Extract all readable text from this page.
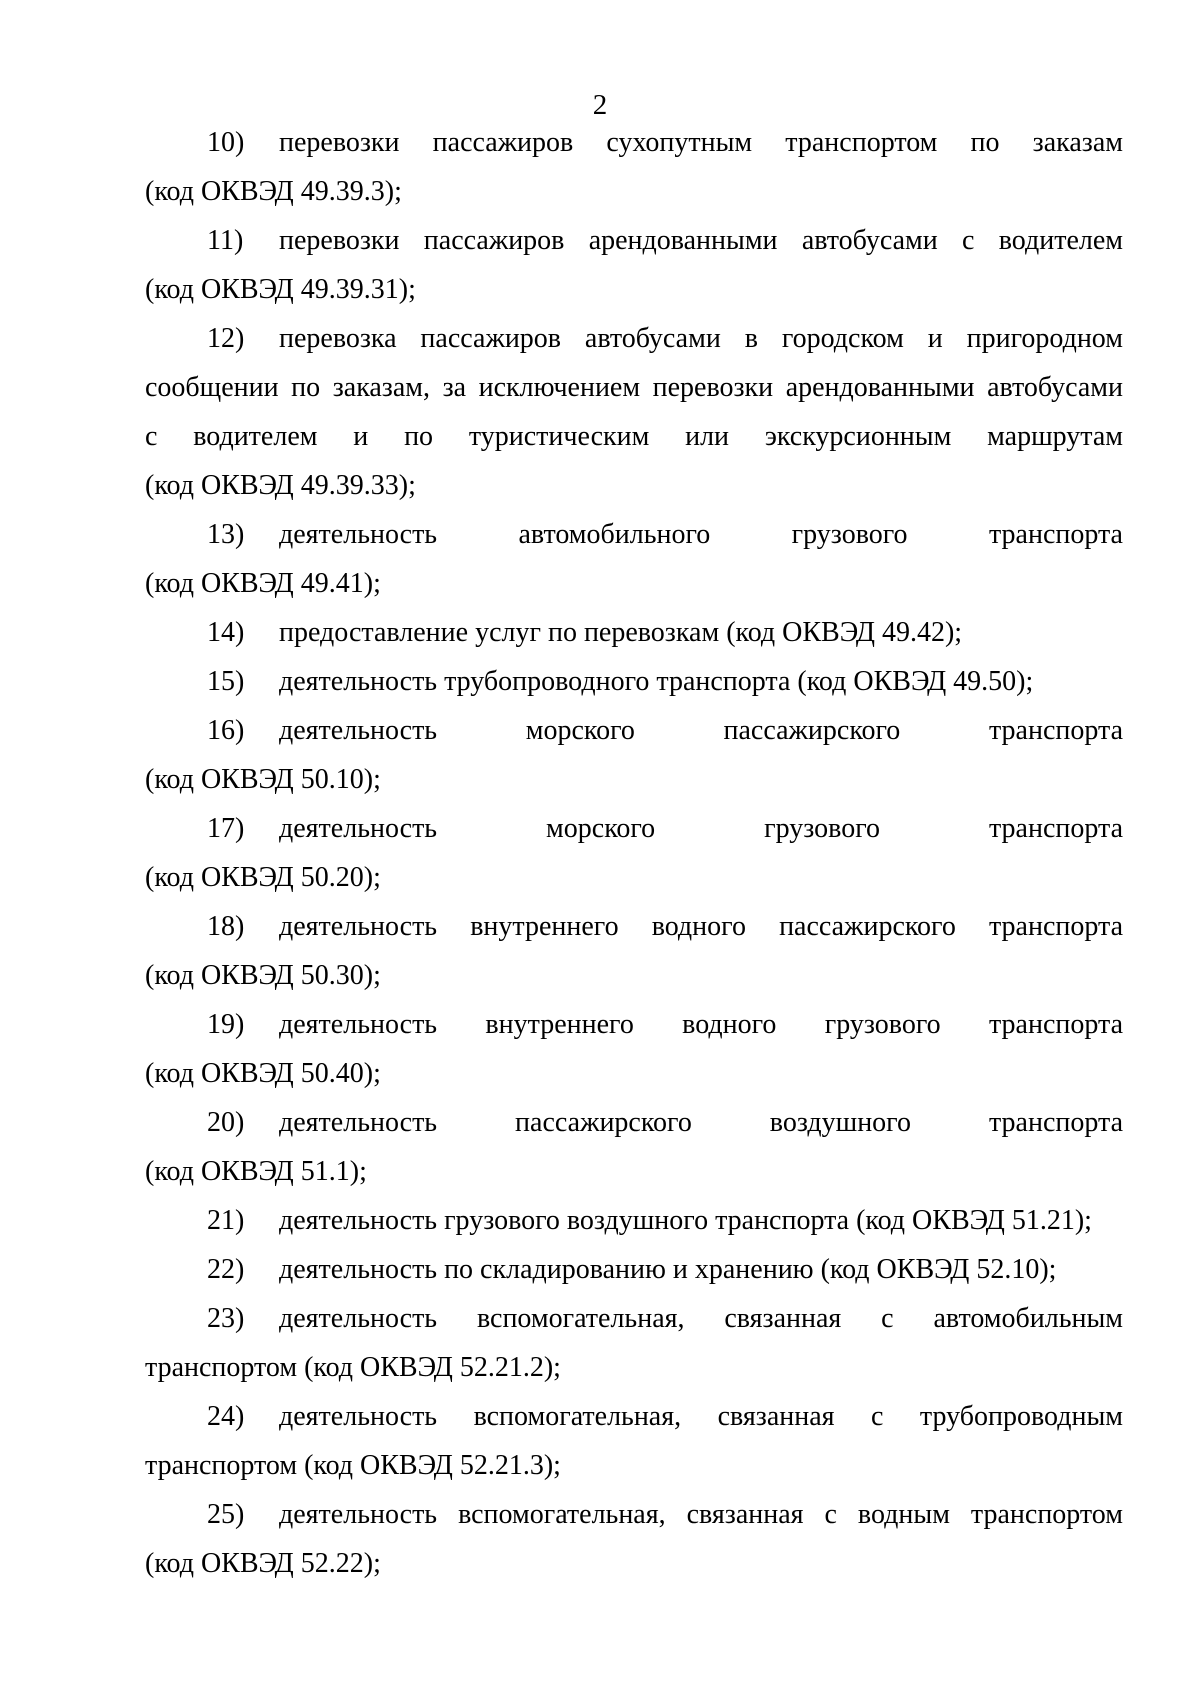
2
10) перевозки пассажиров сухопутным транспортом по заказам
(код ОКВЭД 49.39.3);
11) перевозки пассажиров арендованными автобусами с водителем
(код ОКВЭД 49.39.31);
12) перевозка пассажиров автобусами в городском и пригородном
сообщении по заказам, за исключением перевозки арендованными автобусами
с водителем и по туристическим или экскурсионным маршрутам
(код ОКВЭД 49.39.33);
13) деятельность автомобильного грузового транспорта
(код ОКВЭД 49.41);
14) предоставление услуг по перевозкам (код ОКВЭД 49.42);
15) деятельность трубопроводного транспорта (код ОКВЭД 49.50);
16) деятельность морского пассажирского транспорта
(код ОКВЭД 50.10);
17) деятельность морского грузового транспорта
(код ОКВЭД 50.20);
18) деятельность внутреннего водного пассажирского транспорта
(код ОКВЭД 50.30);
19) деятельность внутреннего водного грузового транспорта
(код ОКВЭД 50.40);
20) деятельность пассажирского воздушного транспорта
(код ОКВЭД 51.1);
21) деятельность грузового воздушного транспорта (код ОКВЭД 51.21);
22) деятельность по складированию и хранению (код ОКВЭД 52.10);
23) деятельность вспомогательная, связанная с автомобильным
транспортом (код ОКВЭД 52.21.2);
24) деятельность вспомогательная, связанная с трубопроводным
транспортом (код ОКВЭД 52.21.3);
25) деятельность вспомогательная, связанная с водным транспортом
(код ОКВЭД 52.22);
